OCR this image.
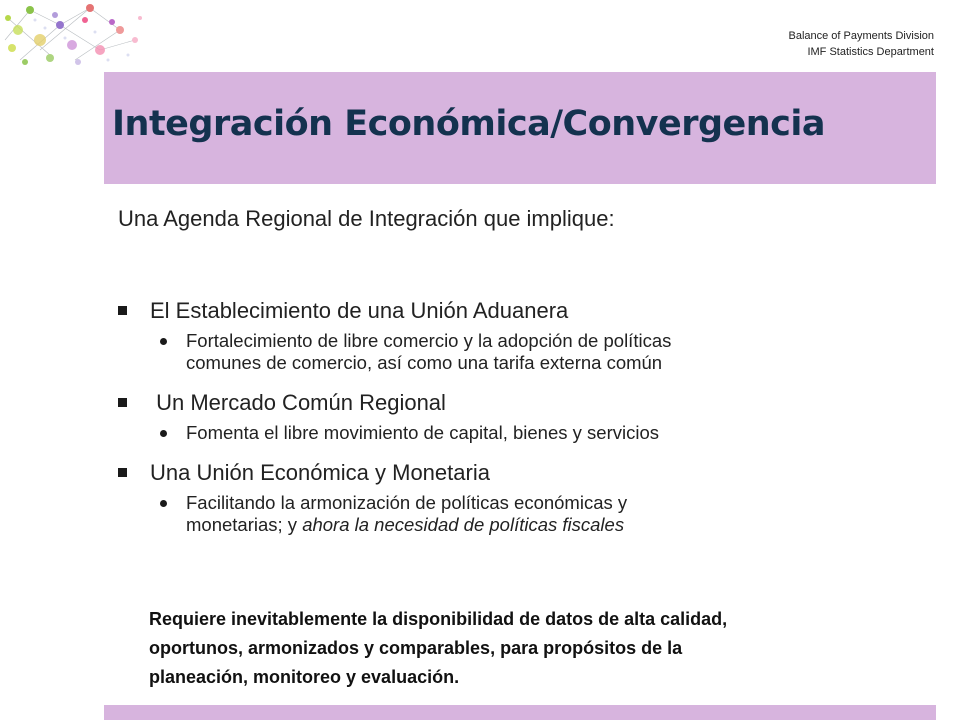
Balance of Payments Division
IMF Statistics Department
Integración Económica/Convergencia
Una Agenda Regional de Integración que implique:
El Establecimiento de una Unión Aduanera
Fortalecimiento de libre comercio y la adopción de políticas
comunes de comercio, así como una tarifa externa común
Un Mercado Común Regional
Fomenta el libre movimiento de capital, bienes y servicios
Una Unión Económica y Monetaria
Facilitando la armonización de políticas económicas y
monetarias; y ahora la necesidad de políticas fiscales
Requiere inevitablemente la disponibilidad de datos de alta calidad,
oportunos, armonizados y comparables, para propósitos de la
planeación, monitoreo y evaluación.
